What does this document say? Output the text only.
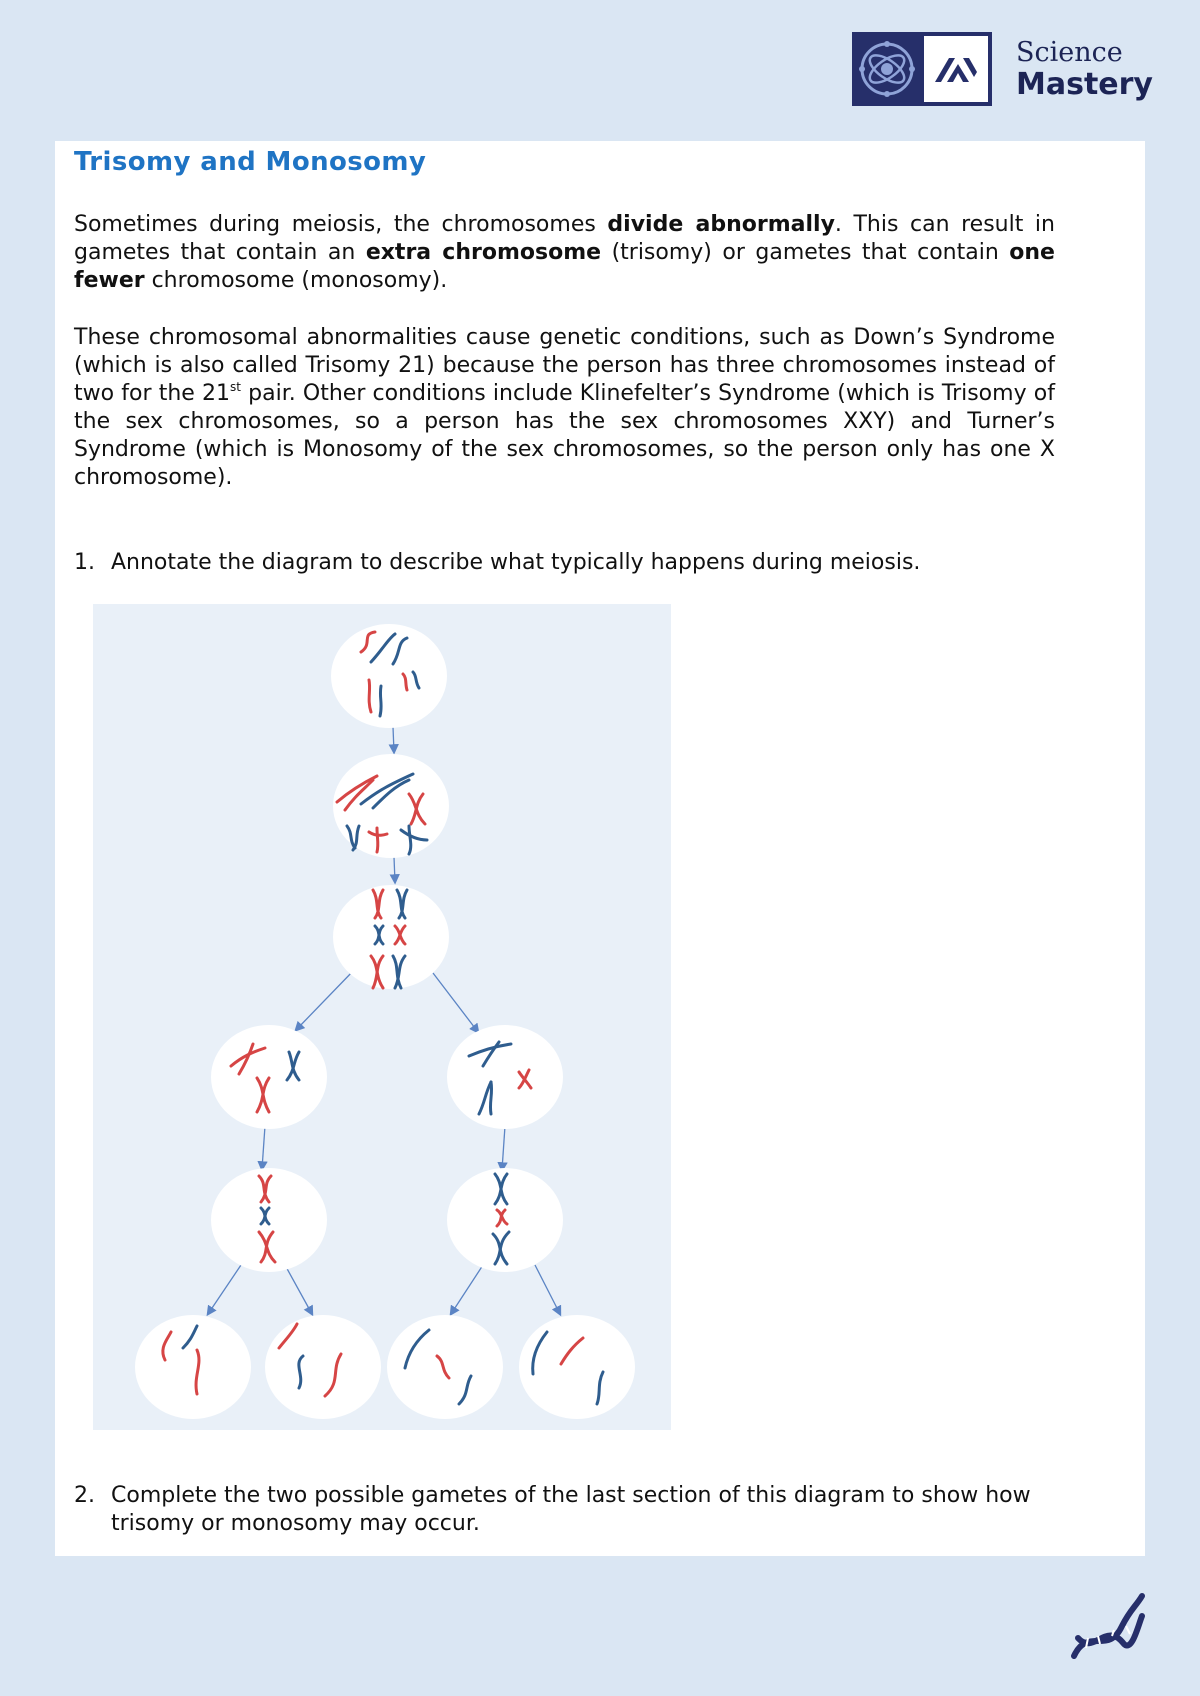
Science
Mastery
Trisomy and Monosomy

Sometimes during meiosis, the chromosomes divide abnormally. This can result in gametes that contain an extra chromosome (trisomy) or gametes that contain one fewer chromosome (monosomy).

These chromosomal abnormalities cause genetic conditions, such as Down’s Syndrome (which is also called Trisomy 21) because the person has three chromosomes instead of two for the 21st pair. Other conditions include Klinefelter’s Syndrome (which is Trisomy of the sex chromosomes, so a person has the sex chromosomes XXY) and Turner’s Syndrome (which is Monosomy of the sex chromosomes, so the person only has one X chromosome).

1. Annotate the diagram to describe what typically happens during meiosis.
2. Complete the two possible gametes of the last section of this diagram to show how trisomy or monosomy may occur.
